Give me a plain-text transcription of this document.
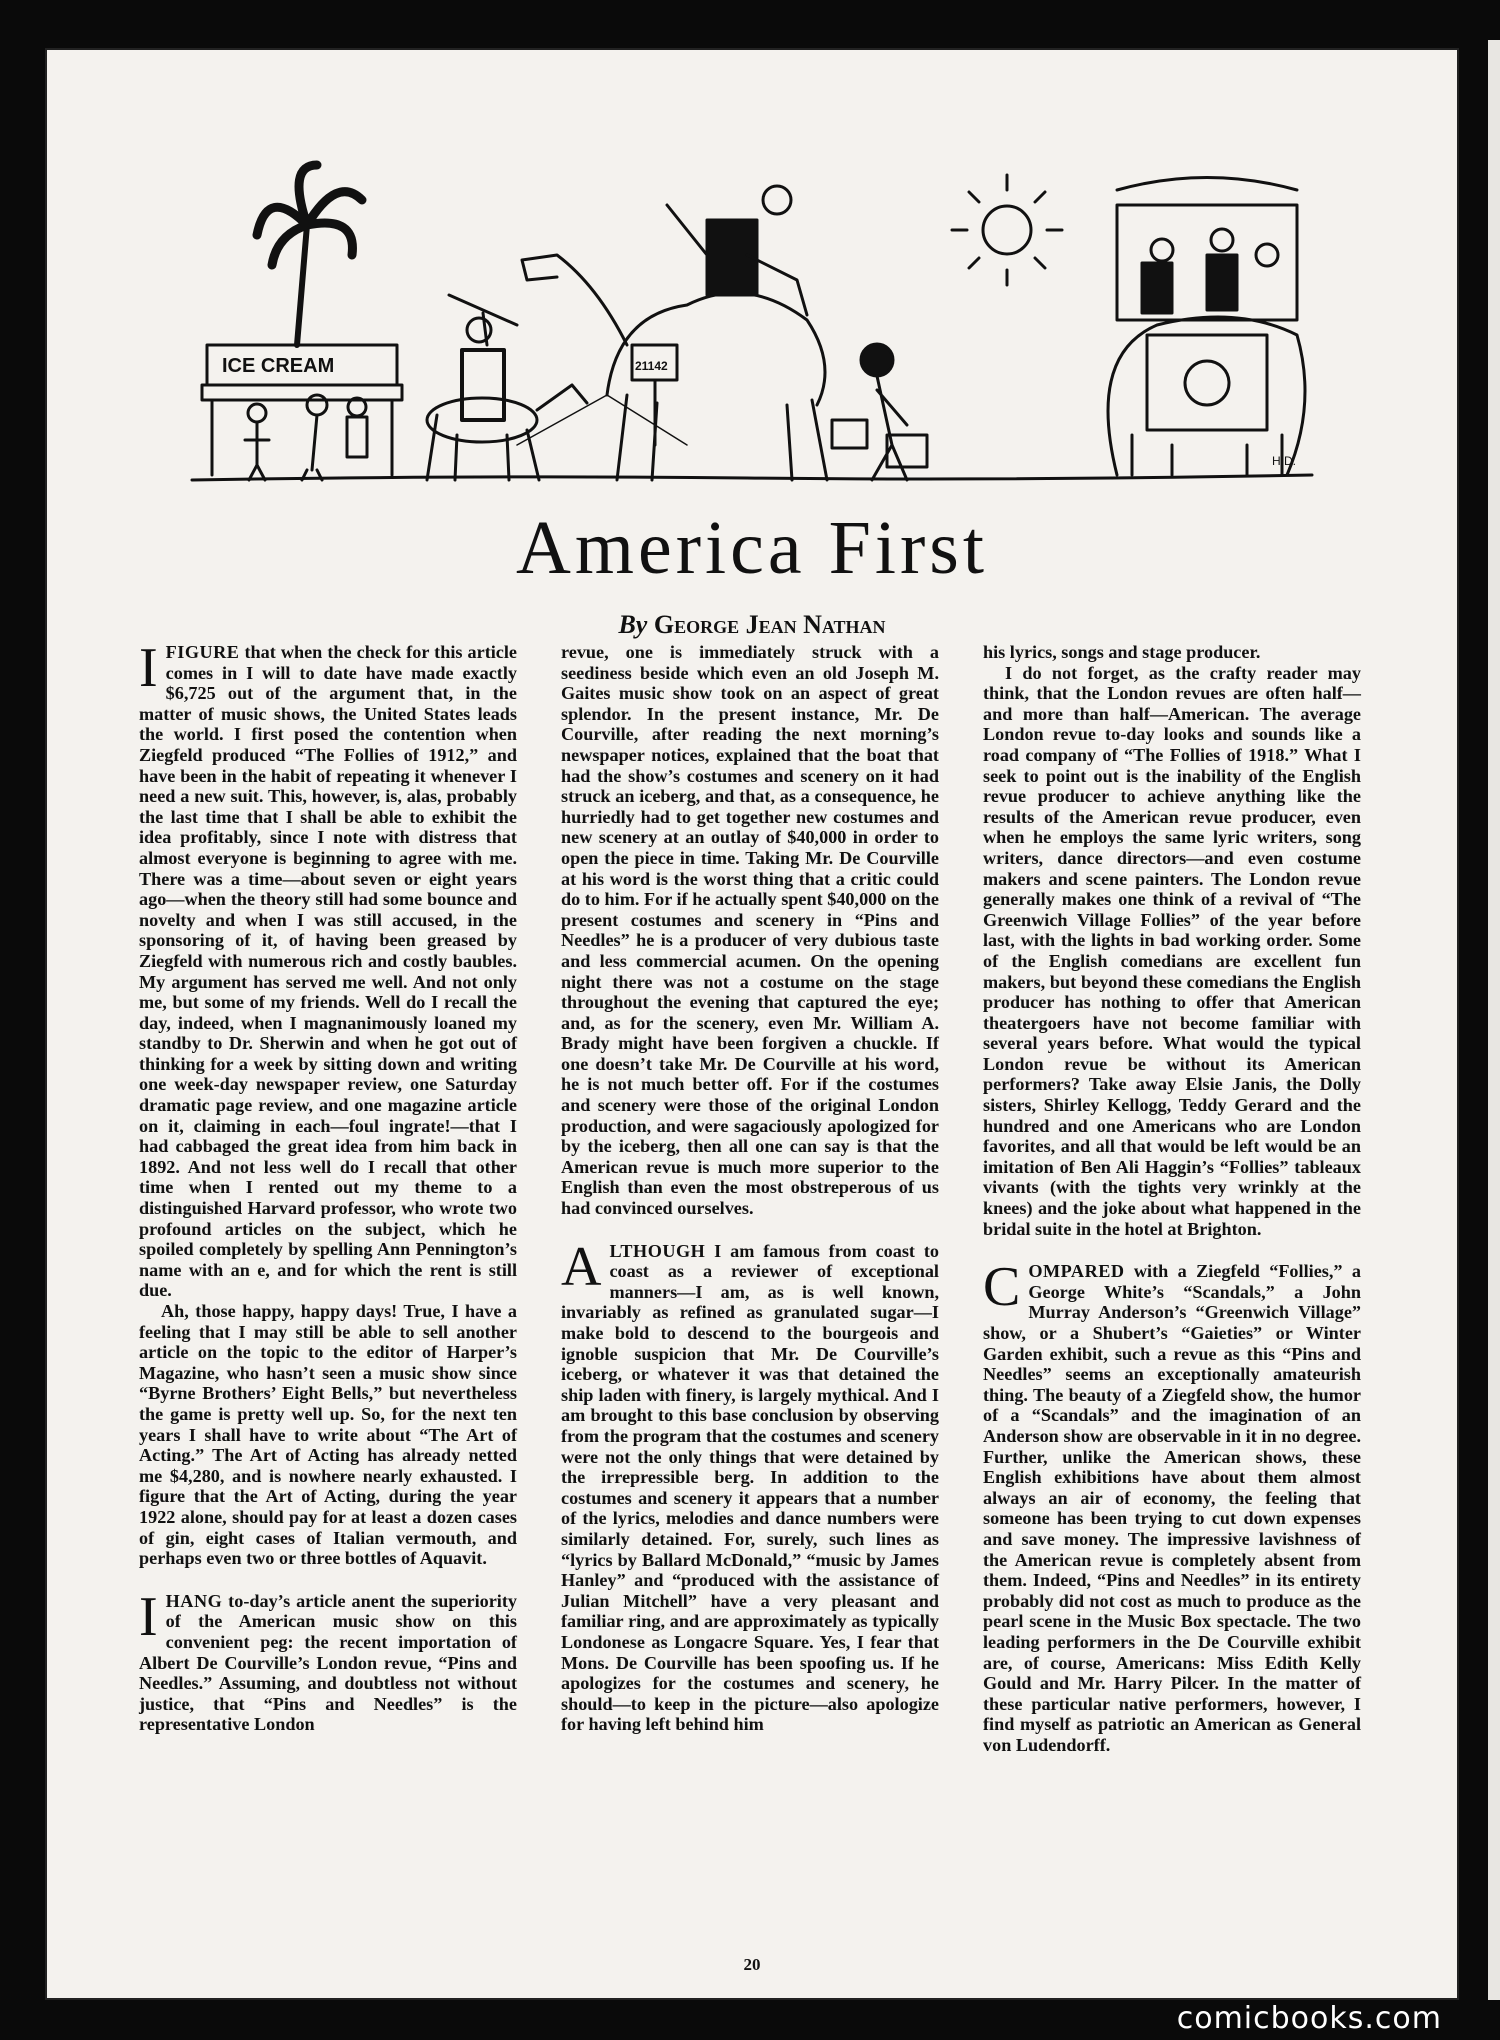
ICE CREAM	21142
H.D.
America First
By George Jean Nathan

IFIGURE that when the check for this article comes in I will to date have made exactly $6,725 out of the argument that, in the matter of music shows, the United States leads the world. I first posed the contention when Ziegfeld produced “The Follies of 1912,” and have been in the habit of repeating it whenever I need a new suit. This, however, is, alas, probably the last time that I shall be able to exhibit the idea profitably, since I note with distress that almost everyone is beginning to agree with me. There was a time—about seven or eight years ago—when the theory still had some bounce and novelty and when I was still accused, in the sponsoring of it, of having been greased by Ziegfeld with numerous rich and costly baubles. My argument has served me well. And not only me, but some of my friends. Well do I recall the day, indeed, when I magnanimously loaned my standby to Dr. Sherwin and when he got out of thinking for a week by sitting down and writing one week-day newspaper review, one Saturday dramatic page review, and one magazine article on it, claiming in each—foul ingrate!—that I had cabbaged the great idea from him back in 1892. And not less well do I recall that other time when I rented out my theme to a distinguished Harvard professor, who wrote two profound articles on the subject, which he spoiled completely by spelling Ann Pennington’s name with an e, and for which the rent is still due.

Ah, those happy, happy days! True, I have a feeling that I may still be able to sell another article on the topic to the editor of Harper’s Magazine, who hasn’t seen a music show since “Byrne Brothers’ Eight Bells,” but nevertheless the game is pretty well up. So, for the next ten years I shall have to write about “The Art of Acting.” The Art of Acting has already netted me $4,280, and is nowhere nearly exhausted. I figure that the Art of Acting, during the year 1922 alone, should pay for at least a dozen cases of gin, eight cases of Italian vermouth, and perhaps even two or three bottles of Aquavit.

IHANG to-day’s article anent the superiority of the American music show on this convenient peg: the recent importation of Albert De Courville’s London revue, “Pins and Needles.” Assuming, and doubtless not without justice, that “Pins and Needles” is the representative London

revue, one is immediately struck with a seediness beside which even an old Joseph M. Gaites music show took on an aspect of great splendor. In the present instance, Mr. De Courville, after reading the next morning’s newspaper notices, explained that the boat that had the show’s costumes and scenery on it had struck an iceberg, and that, as a consequence, he hurriedly had to get together new costumes and new scenery at an outlay of $40,000 in order to open the piece in time. Taking Mr. De Courville at his word is the worst thing that a critic could do to him. For if he actually spent $40,000 on the present costumes and scenery in “Pins and Needles” he is a producer of very dubious taste and less commercial acumen. On the opening night there was not a costume on the stage throughout the evening that captured the eye; and, as for the scenery, even Mr. William A. Brady might have been forgiven a chuckle. If one doesn’t take Mr. De Courville at his word, he is not much better off. For if the costumes and scenery were those of the original London production, and were sagaciously apologized for by the iceberg, then all one can say is that the American revue is much more superior to the English than even the most obstreperous of us had convinced ourselves.

ALTHOUGH I am famous from coast to coast as a reviewer of exceptional manners—I am, as is well known, invariably as refined as granulated sugar—I make bold to descend to the bourgeois and ignoble suspicion that Mr. De Courville’s iceberg, or whatever it was that detained the ship laden with finery, is largely mythical. And I am brought to this base conclusion by observing from the program that the costumes and scenery were not the only things that were detained by the irrepressible berg. In addition to the costumes and scenery it appears that a number of the lyrics, melodies and dance numbers were similarly detained. For, surely, such lines as “lyrics by Ballard McDonald,” “music by James Hanley” and “produced with the assistance of Julian Mitchell” have a very pleasant and familiar ring, and are approximately as typically Londonese as Longacre Square. Yes, I fear that Mons. De Courville has been spoofing us. If he apologizes for the costumes and scenery, he should—to keep in the picture—also apologize for having left behind him

his lyrics, songs and stage producer.

I do not forget, as the crafty reader may think, that the London revues are often half—and more than half—American. The average London revue to-day looks and sounds like a road company of “The Follies of 1918.” What I seek to point out is the inability of the English revue producer to achieve anything like the results of the American revue producer, even when he employs the same lyric writers, song writers, dance directors—and even costume makers and scene painters. The London revue generally makes one think of a revival of “The Greenwich Village Follies” of the year before last, with the lights in bad working order. Some of the English comedians are excellent fun makers, but beyond these comedians the English producer has nothing to offer that American theatergoers have not become familiar with several years before. What would the typical London revue be without its American performers? Take away Elsie Janis, the Dolly sisters, Shirley Kellogg, Teddy Gerard and the hundred and one Americans who are London favorites, and all that would be left would be an imitation of Ben Ali Haggin’s “Follies” tableaux vivants (with the tights very wrinkly at the knees) and the joke about what happened in the bridal suite in the hotel at Brighton.

COMPARED with a Ziegfeld “Follies,” a George White’s “Scandals,” a John Murray Anderson’s “Greenwich Village” show, or a Shubert’s “Gaieties” or Winter Garden exhibit, such a revue as this “Pins and Needles” seems an exceptionally amateurish thing. The beauty of a Ziegfeld show, the humor of a “Scandals” and the imagination of an Anderson show are observable in it in no degree. Further, unlike the American shows, these English exhibitions have about them almost always an air of economy, the feeling that someone has been trying to cut down expenses and save money. The impressive lavishness of the American revue is completely absent from them. Indeed, “Pins and Needles” in its entirety probably did not cost as much to produce as the pearl scene in the Music Box spectacle. The two leading performers in the De Courville exhibit are, of course, Americans: Miss Edith Kelly Gould and Mr. Harry Pilcer. In the matter of these particular native performers, however, I find myself as patriotic an American as General von Ludendorff.

20
comicbooks.com
